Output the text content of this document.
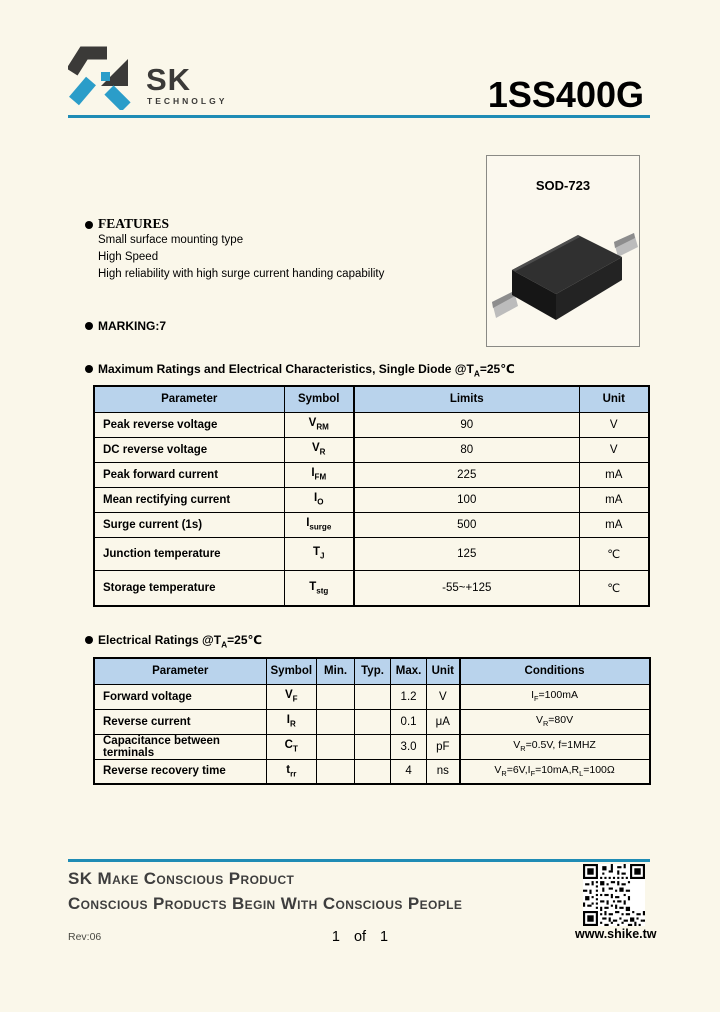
SK
TECHNOLGY	1SS400G
SOD-723
FEATURES
Small surface mounting type
High Speed
High reliability with high surge current handing capability
MARKING:7
Maximum Ratings and Electrical Characteristics, Single Diode $@T_A=25℃$
Parameter	Symbol	Limits	Unit
Peak reverse voltage	$V_{RM}$	90	V
DC reverse voltage	$V_R$	80	V
Peak forward current	$I_{FM}$	225	mA
Mean rectifying current	$I_O$	100	mA
Surge current (1s)	$I_{surge}$	500	mA
Junction temperature	$T_J$	125	℃
Storage temperature	$T_{stg}$	-55~+125	℃
Electrical Ratings $@T_A=25℃$
Parameter	Symbol	Min.	Typ.	Max.	Unit	Conditions
Forward voltage	$V_F$			1.2	V	$I_F=100mA$
Reverse current	$I_R$			0.1	μA	$V_R=80V$
Capacitance between terminals	$C_T$			3.0	pF	$V_R=0.5V$, f=1MHZ
Reverse recovery time	$t_{rr}$			4	ns	$V_R=6V,I_F=10mA,R_L=100\Omega$
SK Make Conscious Product
Conscious Products Begin With Conscious People
Rev:06	1 of 1	www.shike.tw
